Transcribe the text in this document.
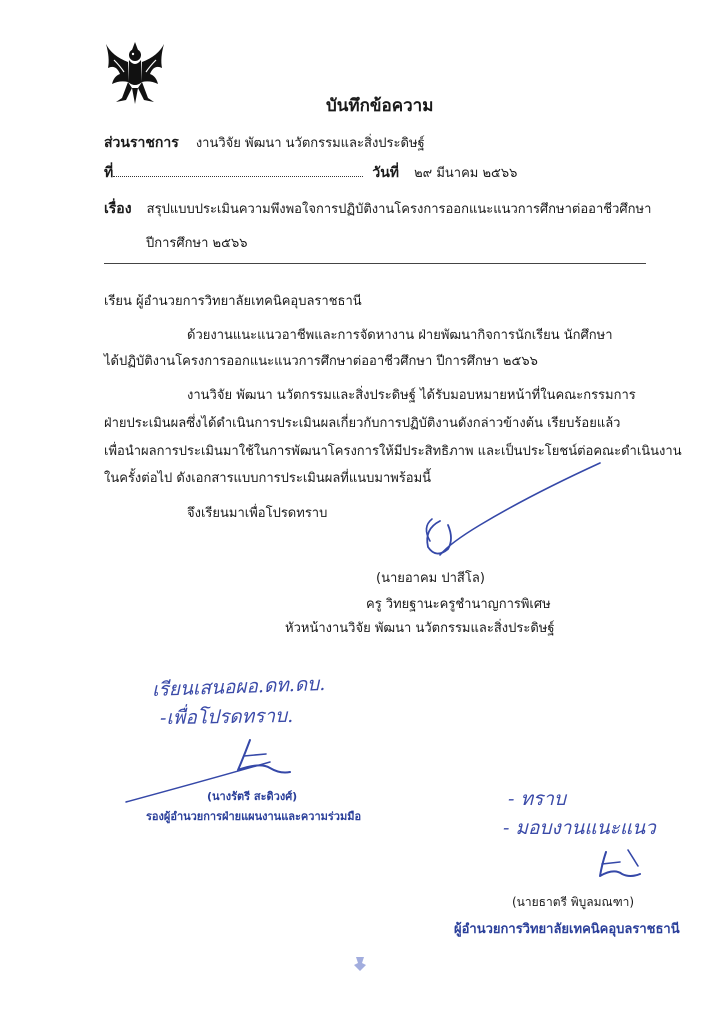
บันทึกข้อความ
ส่วนราชการ งานวิจัย พัฒนา นวัตกรรมและสิ่งประดิษฐ์
ที่	วันที่ ๒๙ มีนาคม ๒๕๖๖
เรื่อง สรุปแบบประเมินความพึงพอใจการปฏิบัติงานโครงการออกแนะแนวการศึกษาต่ออาชีวศึกษา
ปีการศึกษา ๒๕๖๖
เรียน ผู้อำนวยการวิทยาลัยเทคนิคอุบลราชธานี
ด้วยงานแนะแนวอาชีพและการจัดหางาน ฝ่ายพัฒนากิจการนักเรียน นักศึกษา
ได้ปฏิบัติงานโครงการออกแนะแนวการศึกษาต่ออาชีวศึกษา ปีการศึกษา ๒๕๖๖
งานวิจัย พัฒนา นวัตกรรมและสิ่งประดิษฐ์ ได้รับมอบหมายหน้าที่ในคณะกรรมการ
ฝ่ายประเมินผลซึ่งได้ดำเนินการประเมินผลเกี่ยวกับการปฏิบัติงานดังกล่าวข้างต้น เรียบร้อยแล้ว
เพื่อนำผลการประเมินมาใช้ในการพัฒนาโครงการให้มีประสิทธิภาพ และเป็นประโยชน์ต่อคณะดำเนินงาน
ในครั้งต่อไป ดังเอกสารแบบการประเมินผลที่แนบมาพร้อมนี้
จึงเรียนมาเพื่อโปรดทราบ
(นายอาคม ปาสีโล)
ครู วิทยฐานะครูชำนาญการพิเศษ
หัวหน้างานวิจัย พัฒนา นวัตกรรมและสิ่งประดิษฐ์
เรียนเสนอผอ.ดท.ดบ.
-เพื่อโปรดทราบ.
(นางรัตรี สะดิวงศ์)
รองผู้อำนวยการฝ่ายแผนงานและความร่วมมือ
- ทราบ
- มอบงานแนะแนว
(นายธาตรี พิบูลมณฑา)
ผู้อำนวยการวิทยาลัยเทคนิคอุบลราชธานี
